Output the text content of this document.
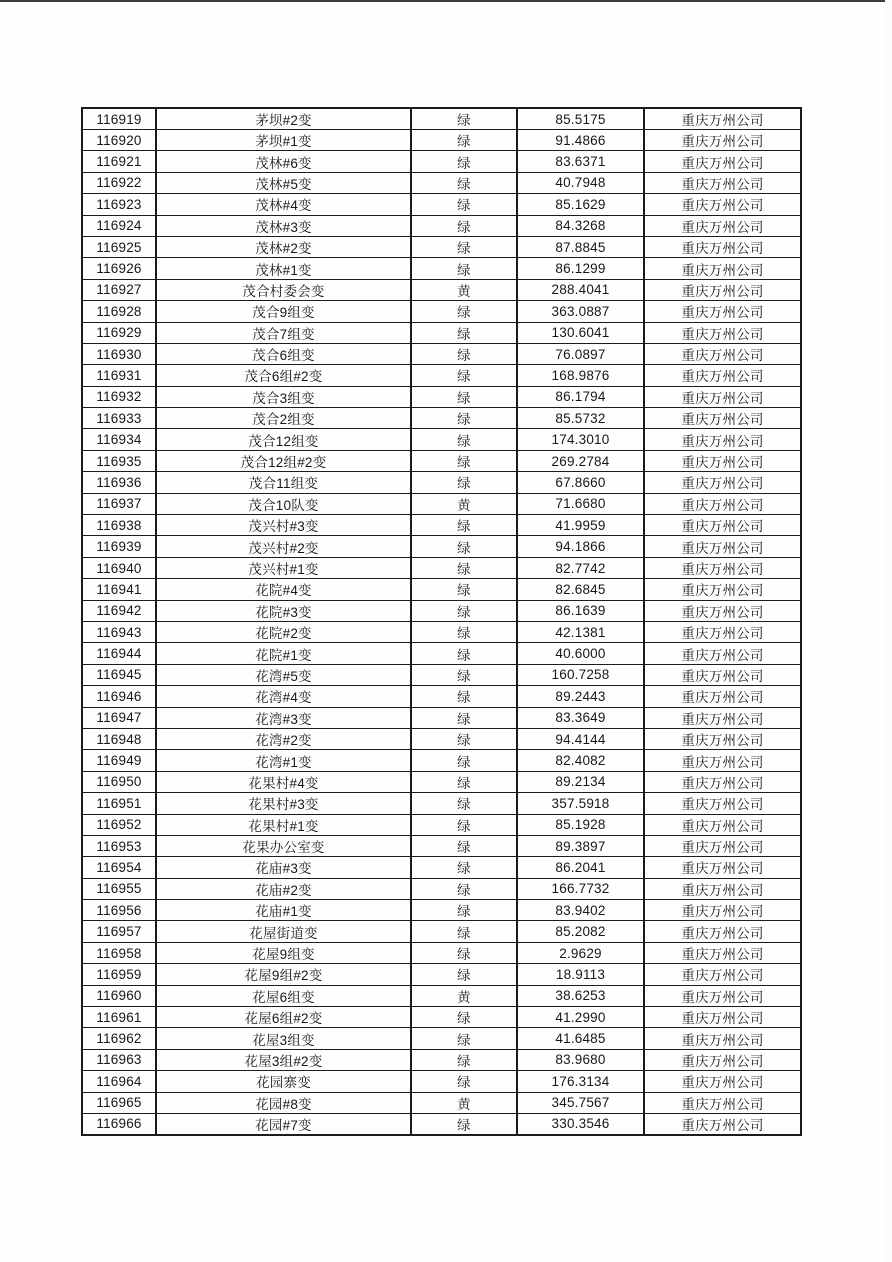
116919	茅坝#2变	绿	85.5175	重庆万州公司
116920	茅坝#1变	绿	91.4866	重庆万州公司
116921	茂林#6变	绿	83.6371	重庆万州公司
116922	茂林#5变	绿	40.7948	重庆万州公司
116923	茂林#4变	绿	85.1629	重庆万州公司
116924	茂林#3变	绿	84.3268	重庆万州公司
116925	茂林#2变	绿	87.8845	重庆万州公司
116926	茂林#1变	绿	86.1299	重庆万州公司
116927	茂合村委会变	黄	288.4041	重庆万州公司
116928	茂合9组变	绿	363.0887	重庆万州公司
116929	茂合7组变	绿	130.6041	重庆万州公司
116930	茂合6组变	绿	76.0897	重庆万州公司
116931	茂合6组#2变	绿	168.9876	重庆万州公司
116932	茂合3组变	绿	86.1794	重庆万州公司
116933	茂合2组变	绿	85.5732	重庆万州公司
116934	茂合12组变	绿	174.3010	重庆万州公司
116935	茂合12组#2变	绿	269.2784	重庆万州公司
116936	茂合11组变	绿	67.8660	重庆万州公司
116937	茂合10队变	黄	71.6680	重庆万州公司
116938	茂兴村#3变	绿	41.9959	重庆万州公司
116939	茂兴村#2变	绿	94.1866	重庆万州公司
116940	茂兴村#1变	绿	82.7742	重庆万州公司
116941	花院#4变	绿	82.6845	重庆万州公司
116942	花院#3变	绿	86.1639	重庆万州公司
116943	花院#2变	绿	42.1381	重庆万州公司
116944	花院#1变	绿	40.6000	重庆万州公司
116945	花湾#5变	绿	160.7258	重庆万州公司
116946	花湾#4变	绿	89.2443	重庆万州公司
116947	花湾#3变	绿	83.3649	重庆万州公司
116948	花湾#2变	绿	94.4144	重庆万州公司
116949	花湾#1变	绿	82.4082	重庆万州公司
116950	花果村#4变	绿	89.2134	重庆万州公司
116951	花果村#3变	绿	357.5918	重庆万州公司
116952	花果村#1变	绿	85.1928	重庆万州公司
116953	花果办公室变	绿	89.3897	重庆万州公司
116954	花庙#3变	绿	86.2041	重庆万州公司
116955	花庙#2变	绿	166.7732	重庆万州公司
116956	花庙#1变	绿	83.9402	重庆万州公司
116957	花屋街道变	绿	85.2082	重庆万州公司
116958	花屋9组变	绿	2.9629	重庆万州公司
116959	花屋9组#2变	绿	18.9113	重庆万州公司
116960	花屋6组变	黄	38.6253	重庆万州公司
116961	花屋6组#2变	绿	41.2990	重庆万州公司
116962	花屋3组变	绿	41.6485	重庆万州公司
116963	花屋3组#2变	绿	83.9680	重庆万州公司
116964	花园寨变	绿	176.3134	重庆万州公司
116965	花园#8变	黄	345.7567	重庆万州公司
116966	花园#7变	绿	330.3546	重庆万州公司
